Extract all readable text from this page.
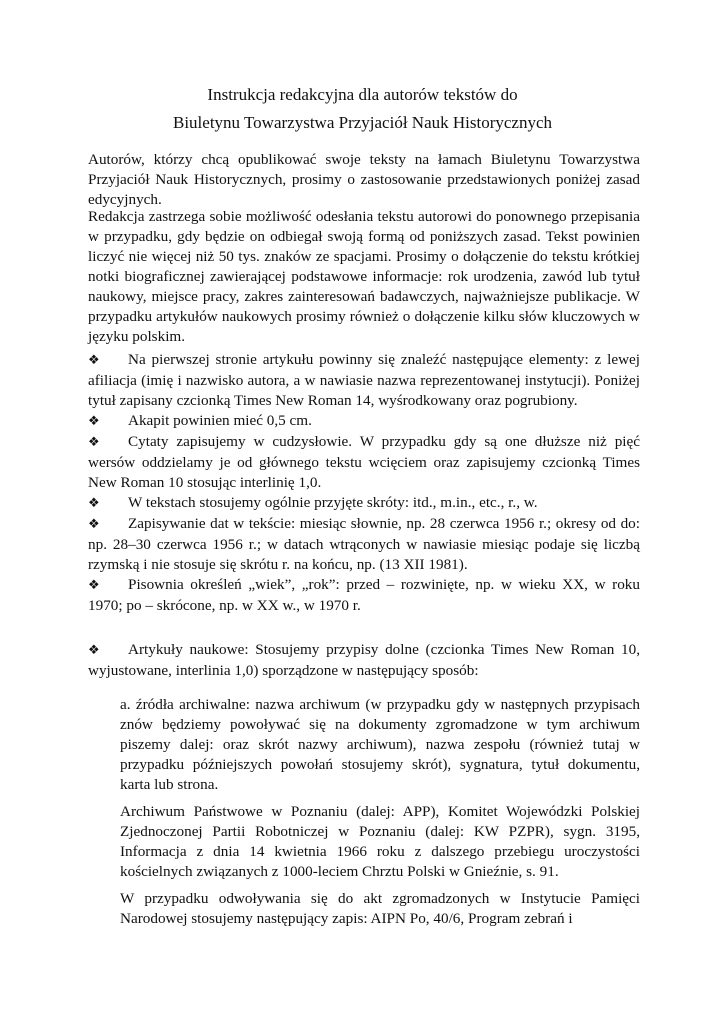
Instrukcja redakcyjna dla autorów tekstów do
Biuletynu Towarzystwa Przyjaciół Nauk Historycznych
Autorów, którzy chcą opublikować swoje teksty na łamach Biuletynu Towarzystwa Przyjaciół Nauk Historycznych, prosimy o zastosowanie przedstawionych poniżej zasad edycyjnych.
Redakcja zastrzega sobie możliwość odesłania tekstu autorowi do ponownego przepisania w przypadku, gdy będzie on odbiegał swoją formą od poniższych zasad. Tekst powinien liczyć nie więcej niż 50 tys. znaków ze spacjami. Prosimy o dołączenie do tekstu krótkiej notki biograficznej zawierającej podstawowe informacje: rok urodzenia, zawód lub tytuł naukowy, miejsce pracy, zakres zainteresowań badawczych, najważniejsze publikacje. W przypadku artykułów naukowych prosimy również o dołączenie kilku słów kluczowych w języku polskim.
❖ Na pierwszej stronie artykułu powinny się znaleźć następujące elementy: z lewej afiliacja (imię i nazwisko autora, a w nawiasie nazwa reprezentowanej instytucji). Poniżej tytuł zapisany czcionką Times New Roman 14, wyśrodkowany oraz pogrubiony.
❖ Akapit powinien mieć 0,5 cm.
❖ Cytaty zapisujemy w cudzysłowie. W przypadku gdy są one dłuższe niż pięć wersów oddzielamy je od głównego tekstu wcięciem oraz zapisujemy czcionką Times New Roman 10 stosując interlinię 1,0.
❖ W tekstach stosujemy ogólnie przyjęte skróty: itd., m.in., etc., r., w.
❖ Zapisywanie dat w tekście: miesiąc słownie, np. 28 czerwca 1956 r.; okresy od do: np. 28–30 czerwca 1956 r.; w datach wtrąconych w nawiasie miesiąc podaje się liczbą rzymską i nie stosuje się skrótu r. na końcu, np. (13 XII 1981).
❖ Pisownia określeń „wiek”, „rok”: przed – rozwinięte, np. w wieku XX, w roku 1970; po – skrócone, np. w XX w., w 1970 r.
❖ Artykuły naukowe: Stosujemy przypisy dolne (czcionka Times New Roman 10, wyjustowane, interlinia 1,0) sporządzone w następujący sposób:
a. źródła archiwalne: nazwa archiwum (w przypadku gdy w następnych przypisach znów będziemy powoływać się na dokumenty zgromadzone w tym archiwum piszemy dalej: oraz skrót nazwy archiwum), nazwa zespołu (również tutaj w przypadku późniejszych powołań stosujemy skrót), sygnatura, tytuł dokumentu, karta lub strona.
Archiwum Państwowe w Poznaniu (dalej: APP), Komitet Wojewódzki Polskiej Zjednoczonej Partii Robotniczej w Poznaniu (dalej: KW PZPR), sygn. 3195, Informacja z dnia 14 kwietnia 1966 roku z dalszego przebiegu uroczystości kościelnych związanych z 1000-leciem Chrztu Polski w Gnieźnie, s. 91.
W przypadku odwoływania się do akt zgromadzonych w Instytucie Pamięci Narodowej stosujemy następujący zapis: AIPN Po, 40/6, Program zebrań i
